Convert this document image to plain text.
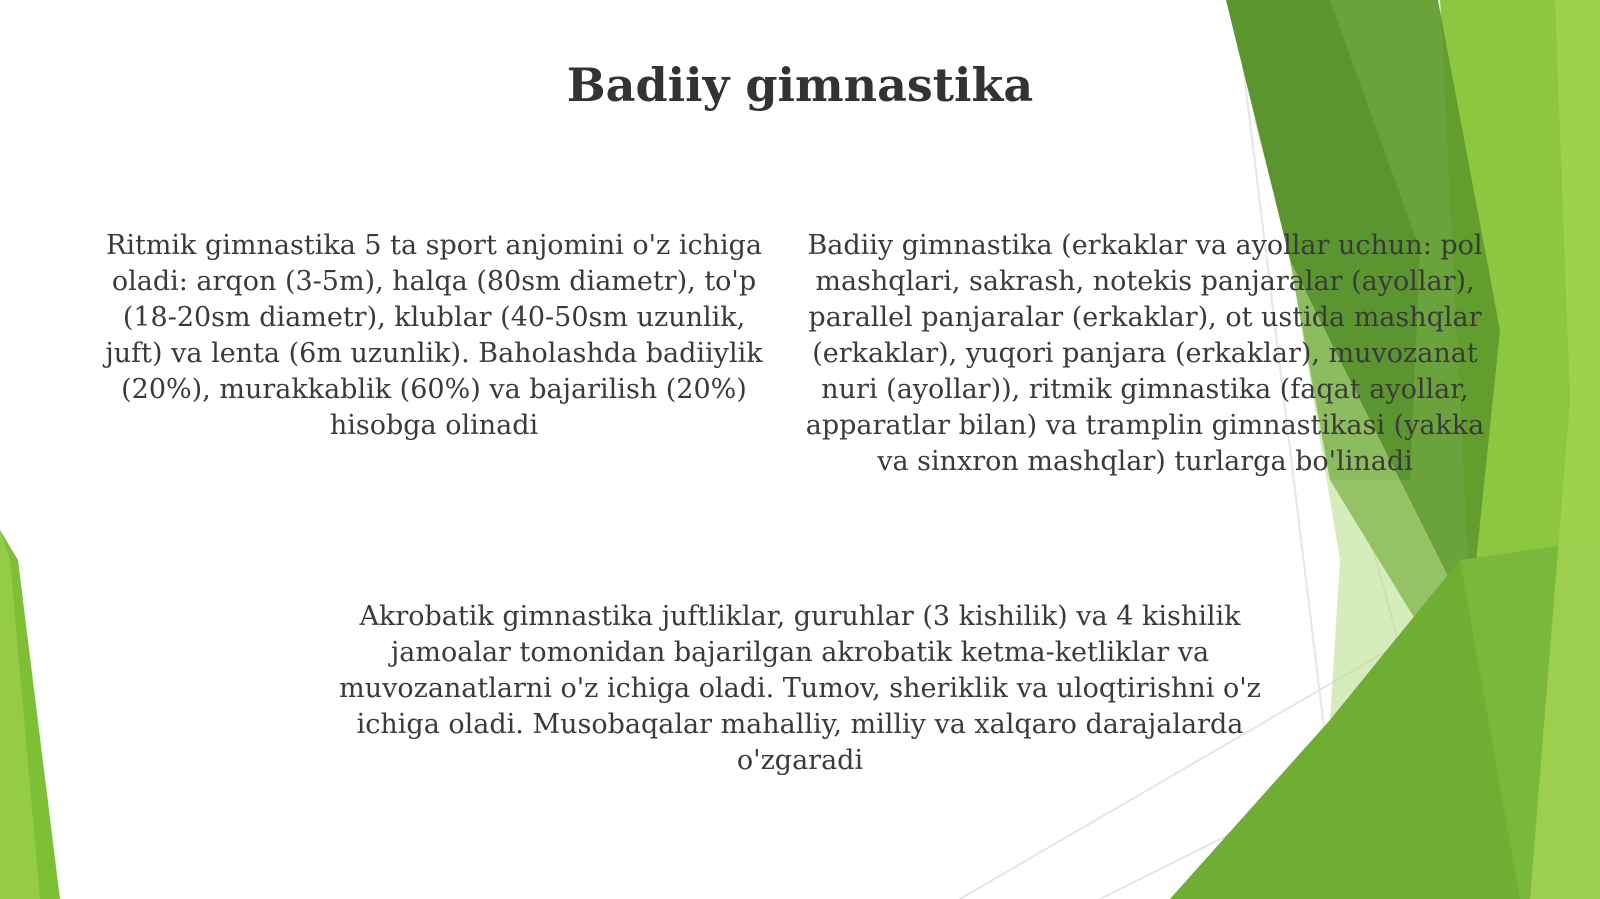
Badiiy gimnastika

Ritmik gimnastika 5 ta sport anjomini o'z ichiga oladi: arqon (3-5m), halqa (80sm diametr), to'p (18-20sm diametr), klublar (40-50sm uzunlik, juft) va lenta (6m uzunlik). Baholashda badiiylik (20%), murakkablik (60%) va bajarilish (20%) hisobga olinadi

Badiiy gimnastika (erkaklar va ayollar uchun: pol mashqlari, sakrash, notekis panjaralar (ayollar), parallel panjaralar (erkaklar), ot ustida mashqlar (erkaklar), yuqori panjara (erkaklar), muvozanat nuri (ayollar)), ritmik gimnastika (faqat ayollar, apparatlar bilan) va tramplin gimnastikasi (yakka va sinxron mashqlar) turlarga bo'linadi

Akrobatik gimnastika juftliklar, guruhlar (3 kishilik) va 4 kishilik jamoalar tomonidan bajarilgan akrobatik ketma-ketliklar va muvozanatlarni o'z ichiga oladi. Tumov, sheriklik va uloqtirishni o'z ichiga oladi. Musobaqalar mahalliy, milliy va xalqaro darajalarda o'zgaradi
